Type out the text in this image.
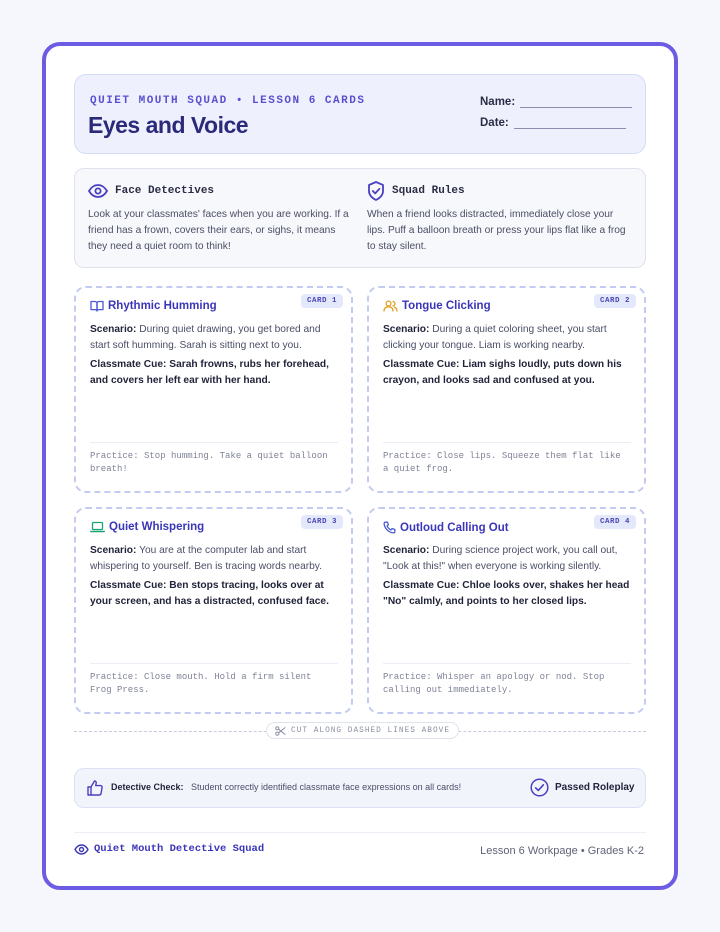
QUIET MOUTH SQUAD • LESSON 6 CARDS
Eyes and Voice
Name:
Date:
Face Detectives
Look at your classmates' faces when you are working. If a friend has a frown, covers their ears, or sighs, it means they need a quiet room to think!
Squad Rules
When a friend looks distracted, immediately close your lips. Puff a balloon breath or press your lips flat like a frog to stay silent.
CARD 1
Rhythmic Humming
Scenario: During quiet drawing, you get bored and start soft humming. Sarah is sitting next to you.
Classmate Cue: Sarah frowns, rubs her forehead, and covers her left ear with her hand.
Practice: Stop humming. Take a quiet balloon breath!
CARD 2
Tongue Clicking
Scenario: During a quiet coloring sheet, you start clicking your tongue. Liam is working nearby.
Classmate Cue: Liam sighs loudly, puts down his crayon, and looks sad and confused at you.
Practice: Close lips. Squeeze them flat like a quiet frog.
CARD 3
Quiet Whispering
Scenario: You are at the computer lab and start whispering to yourself. Ben is tracing words nearby.
Classmate Cue: Ben stops tracing, looks over at your screen, and has a distracted, confused face.
Practice: Close mouth. Hold a firm silent Frog Press.
CARD 4
Outloud Calling Out
Scenario: During science project work, you call out, "Look at this!" when everyone is working silently.
Classmate Cue: Chloe looks over, shakes her head "No" calmly, and points to her closed lips.
Practice: Whisper an apology or nod. Stop calling out immediately.
CUT ALONG DASHED LINES ABOVE
Detective Check: Student correctly identified classmate face expressions on all cards!	Passed Roleplay
Quiet Mouth Detective Squad	Lesson 6 Workpage • Grades K-2
